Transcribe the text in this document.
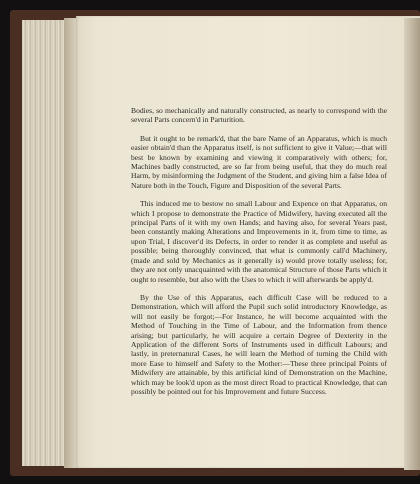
Bodies, so mechanically and naturally constructed, as nearly to correspond with the several Parts concern'd in Parturition.

But it ought to be remark'd, that the bare Name of an Apparatus, which is much easier obtain'd than the Apparatus itself, is not sufficient to give it Value;—that will best be known by examining and viewing it comparatively with others; for, Machines badly constructed, are so far from being useful, that they do much real Harm, by misinforming the Judgment of the Student, and giving him a false Idea of Nature both in the Touch, Figure and Disposition of the several Parts.

This induced me to bestow no small Labour and Expence on that Apparatus, on which I propose to demonstrate the Practice of Midwifery, having executed all the principal Parts of it with my own Hands; and having also, for several Years past, been constantly making Alterations and Improvements in it, from time to time, as upon Trial, I discover'd its Defects, in order to render it as complete and useful as possible; being thoroughly convinced, that what is commonly call'd Machinery, (made and sold by Mechanics as it generally is) would prove totally useless; for, they are not only unacquainted with the anatomical Structure of those Parts which it ought to resemble, but also with the Uses to which it will afterwards be apply'd.

By the Use of this Apparatus, each difficult Case will be reduced to a Demonstration, which will afford the Pupil such solid introductory Knowledge, as will not easily be forgot;—For Instance, he will become acquainted with the Method of Touching in the Time of Labour, and the Information from thence arising; but particularly, he will acquire a certain Degree of Dexterity in the Application of the different Sorts of Instruments used in difficult Labours; and lastly, in preternatural Cases, he will learn the Method of turning the Child with more Ease to himself and Safety to the Mother:—These three principal Points of Midwifery are attainable, by this artificial kind of Demonstration on the Machine, which may be look'd upon as the most direct Road to practical Knowledge, that can possibly be pointed out for his Improvement and future Success.
